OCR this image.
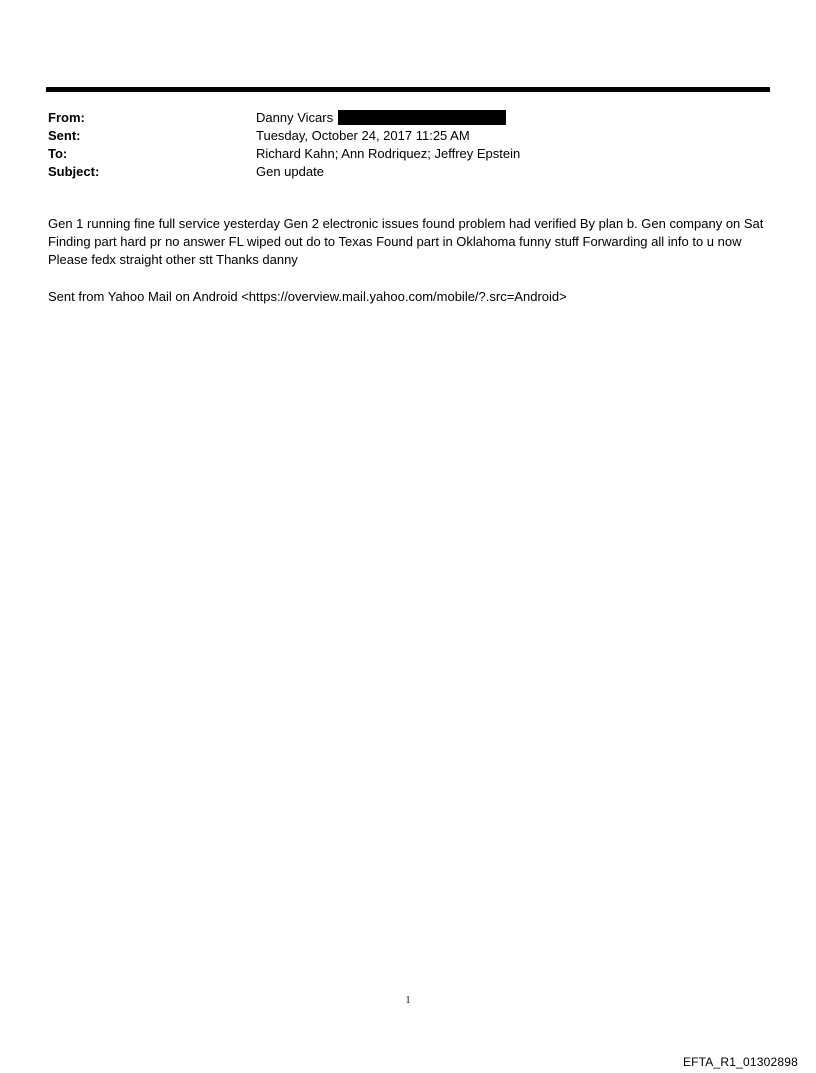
From:	Danny Vicars
Sent:	Tuesday, October 24, 2017 11:25 AM
To:	Richard Kahn; Ann Rodriquez; Jeffrey Epstein
Subject:	Gen update
Gen 1 running fine full service yesterday Gen 2 electronic issues found problem had verified By plan b. Gen company on Sat Finding part hard pr no answer FL wiped out do to Texas Found part in Oklahoma funny stuff Forwarding all info to u now Please fedx straight other stt Thanks danny
Sent from Yahoo Mail on Android <https://overview.mail.yahoo.com/mobile/?.src=Android>
1
EFTA_R1_01302898
